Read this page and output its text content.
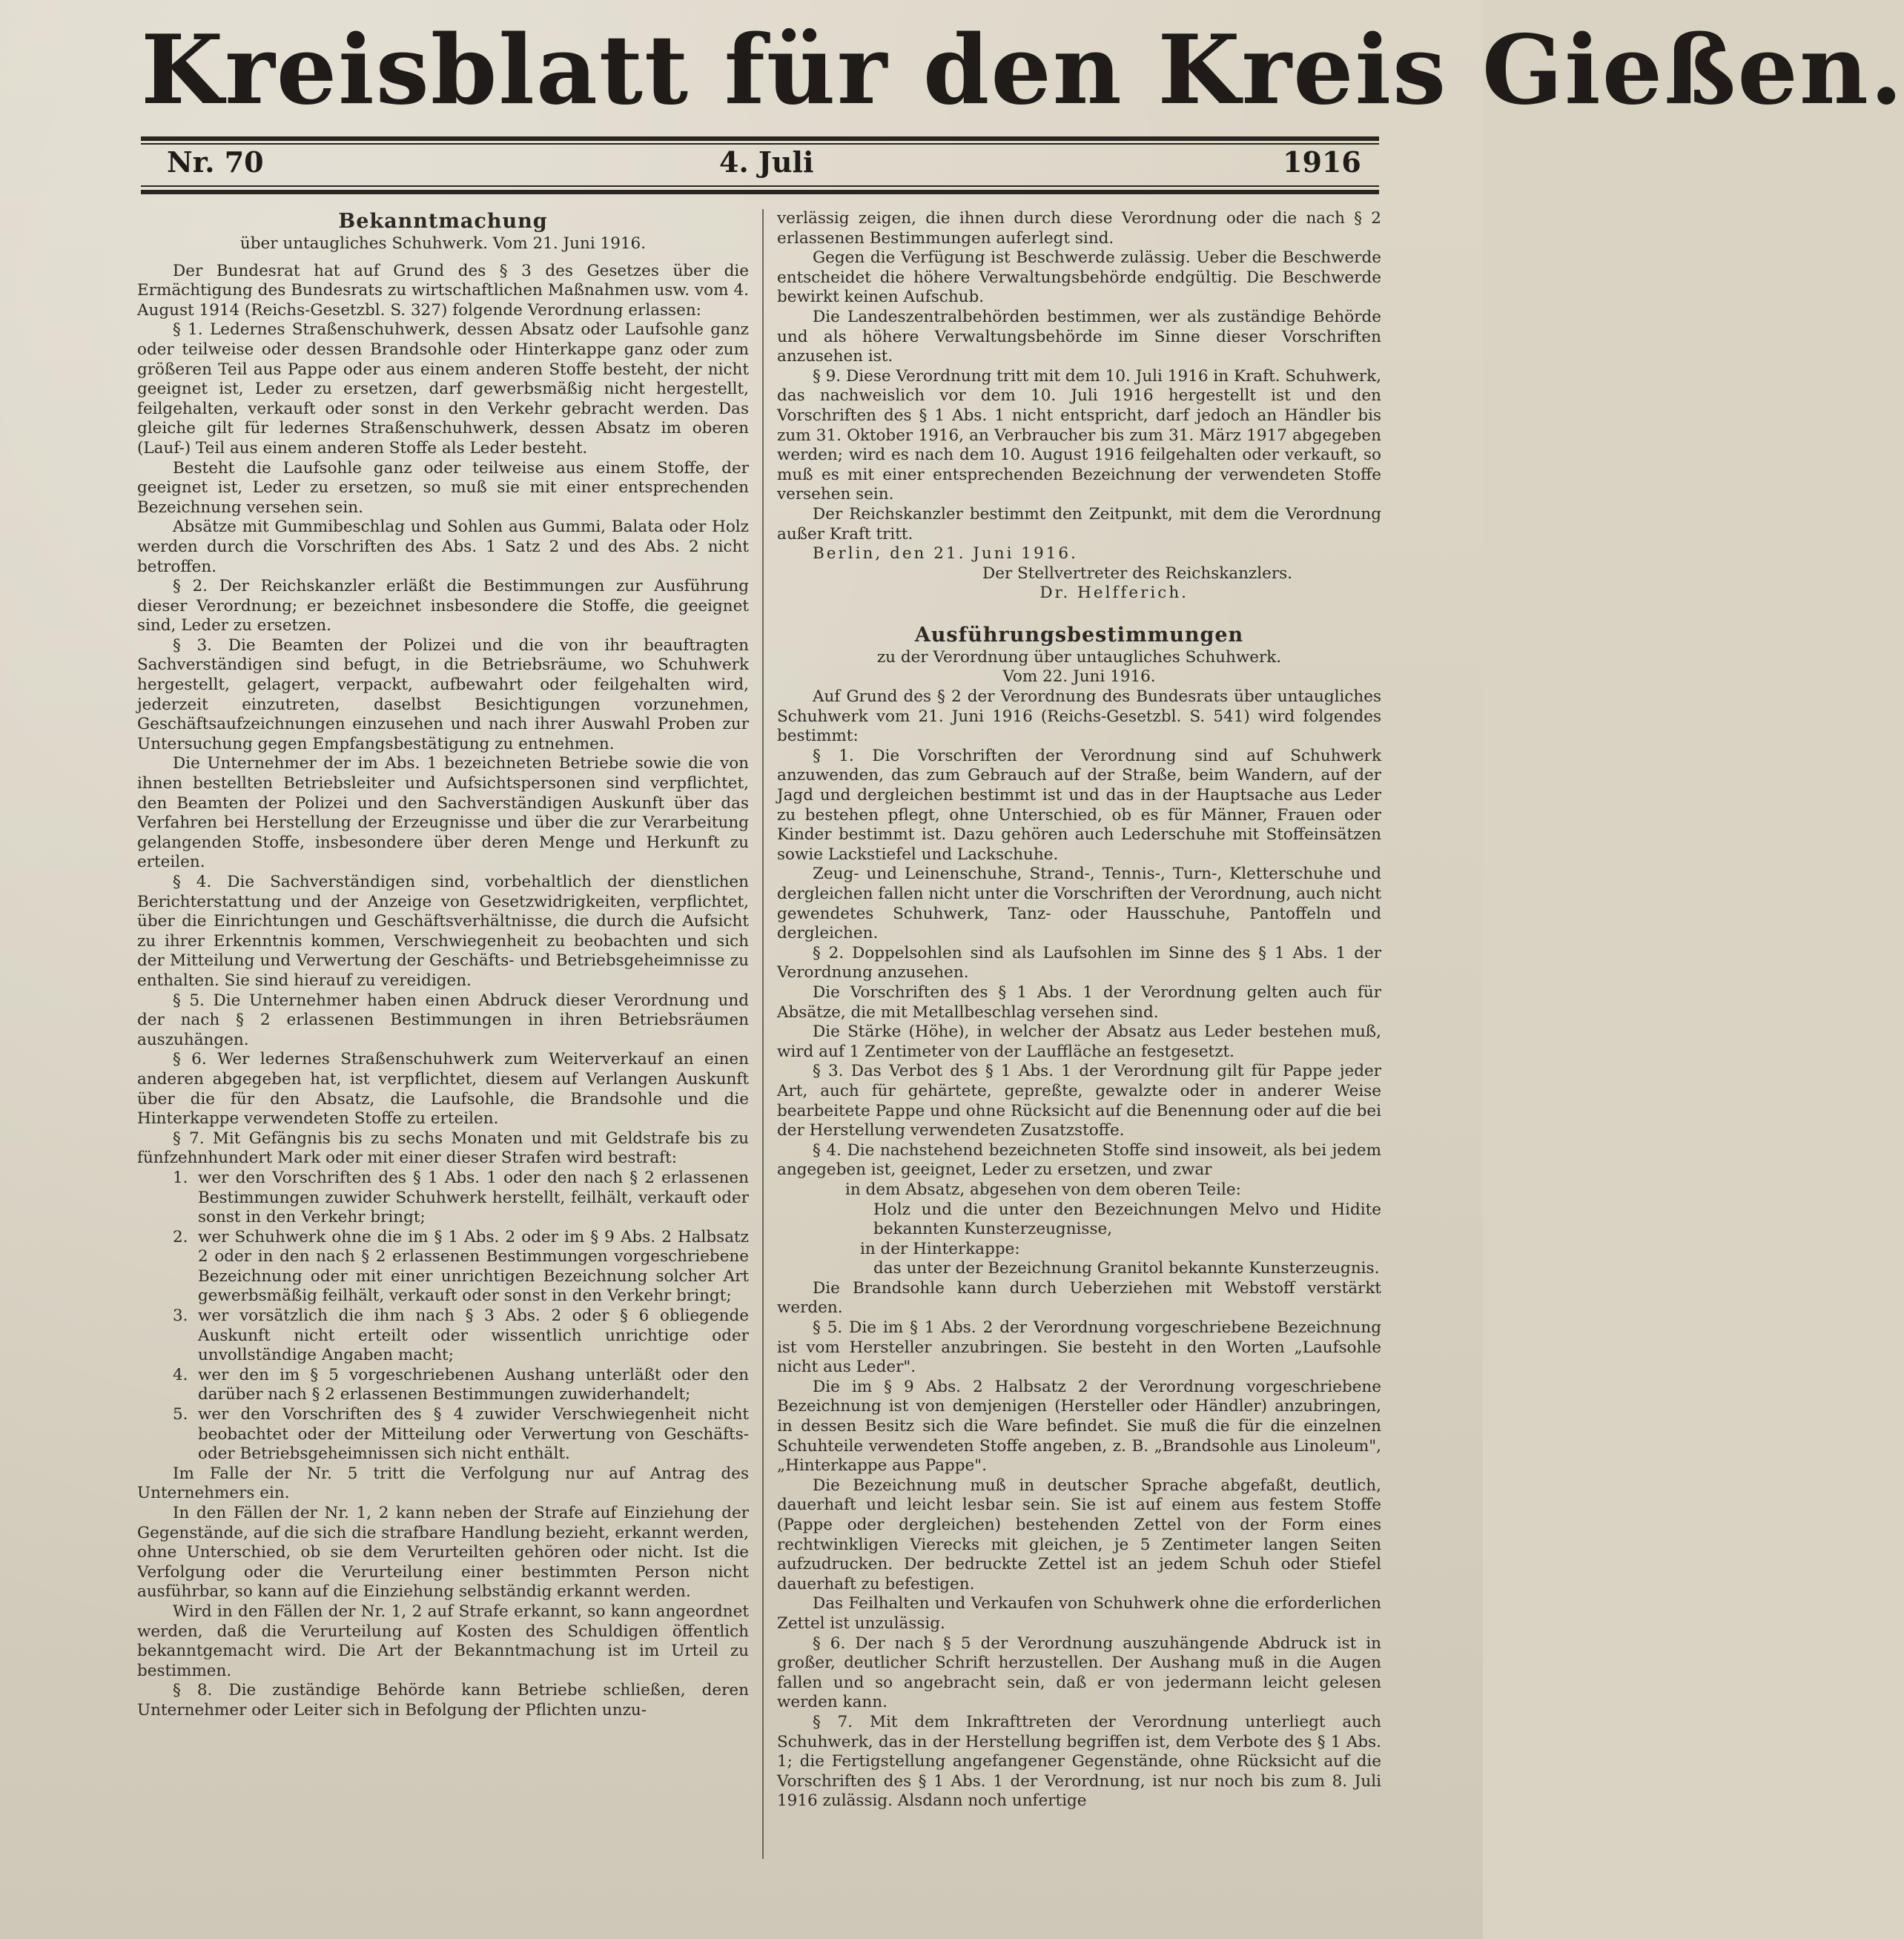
Kreisblatt für den Kreis Gießen.
Nr. 70	4. Juli	1916

Bekanntmachung

über untaugliches Schuhwerk. Vom 21. Juni 1916.

Der Bundesrat hat auf Grund des § 3 des Gesetzes über die Ermächtigung des Bundesrats zu wirtschaftlichen Maßnahmen usw. vom 4. August 1914 (Reichs-Gesetzbl. S. 327) folgende Verordnung erlassen:

§ 1. Ledernes Straßenschuhwerk, dessen Absatz oder Laufsohle ganz oder teilweise oder dessen Brandsohle oder Hinterkappe ganz oder zum größeren Teil aus Pappe oder aus einem anderen Stoffe besteht, der nicht geeignet ist, Leder zu ersetzen, darf gewerbsmäßig nicht hergestellt, feilgehalten, verkauft oder sonst in den Verkehr gebracht werden. Das gleiche gilt für ledernes Straßenschuhwerk, dessen Absatz im oberen (Lauf-) Teil aus einem anderen Stoffe als Leder besteht.

Besteht die Laufsohle ganz oder teilweise aus einem Stoffe, der geeignet ist, Leder zu ersetzen, so muß sie mit einer entsprechenden Bezeichnung versehen sein.

Absätze mit Gummibeschlag und Sohlen aus Gummi, Balata oder Holz werden durch die Vorschriften des Abs. 1 Satz 2 und des Abs. 2 nicht betroffen.

§ 2. Der Reichskanzler erläßt die Bestimmungen zur Ausführung dieser Verordnung; er bezeichnet insbesondere die Stoffe, die geeignet sind, Leder zu ersetzen.

§ 3. Die Beamten der Polizei und die von ihr beauftragten Sachverständigen sind befugt, in die Betriebsräume, wo Schuhwerk hergestellt, gelagert, verpackt, aufbewahrt oder feilgehalten wird, jederzeit einzutreten, daselbst Besichtigungen vorzunehmen, Geschäftsaufzeichnungen einzusehen und nach ihrer Auswahl Proben zur Untersuchung gegen Empfangsbestätigung zu entnehmen.

Die Unternehmer der im Abs. 1 bezeichneten Betriebe sowie die von ihnen bestellten Betriebsleiter und Aufsichtspersonen sind verpflichtet, den Beamten der Polizei und den Sachverständigen Auskunft über das Verfahren bei Herstellung der Erzeugnisse und über die zur Verarbeitung gelangenden Stoffe, insbesondere über deren Menge und Herkunft zu erteilen.

§ 4. Die Sachverständigen sind, vorbehaltlich der dienstlichen Berichterstattung und der Anzeige von Gesetzwidrigkeiten, verpflichtet, über die Einrichtungen und Geschäftsverhältnisse, die durch die Aufsicht zu ihrer Erkenntnis kommen, Verschwiegenheit zu beobachten und sich der Mitteilung und Verwertung der Geschäfts- und Betriebsgeheimnisse zu enthalten. Sie sind hierauf zu vereidigen.

§ 5. Die Unternehmer haben einen Abdruck dieser Verordnung und der nach § 2 erlassenen Bestimmungen in ihren Betriebsräumen auszuhängen.

§ 6. Wer ledernes Straßenschuhwerk zum Weiterverkauf an einen anderen abgegeben hat, ist verpflichtet, diesem auf Verlangen Auskunft über die für den Absatz, die Laufsohle, die Brandsohle und die Hinterkappe verwendeten Stoffe zu erteilen.

§ 7. Mit Gefängnis bis zu sechs Monaten und mit Geldstrafe bis zu fünfzehnhundert Mark oder mit einer dieser Strafen wird bestraft:

1. wer den Vorschriften des § 1 Abs. 1 oder den nach § 2 erlassenen Bestimmungen zuwider Schuhwerk herstellt, feilhält, verkauft oder sonst in den Verkehr bringt;
2. wer Schuhwerk ohne die im § 1 Abs. 2 oder im § 9 Abs. 2 Halbsatz 2 oder in den nach § 2 erlassenen Bestimmungen vorgeschriebene Bezeichnung oder mit einer unrichtigen Bezeichnung solcher Art gewerbsmäßig feilhält, verkauft oder sonst in den Verkehr bringt;
3. wer vorsätzlich die ihm nach § 3 Abs. 2 oder § 6 obliegende Auskunft nicht erteilt oder wissentlich unrichtige oder unvollständige Angaben macht;
4. wer den im § 5 vorgeschriebenen Aushang unterläßt oder den darüber nach § 2 erlassenen Bestimmungen zuwiderhandelt;
5. wer den Vorschriften des § 4 zuwider Verschwiegenheit nicht beobachtet oder der Mitteilung oder Verwertung von Geschäfts- oder Betriebsgeheimnissen sich nicht enthält.

Im Falle der Nr. 5 tritt die Verfolgung nur auf Antrag des Unternehmers ein.

In den Fällen der Nr. 1, 2 kann neben der Strafe auf Einziehung der Gegenstände, auf die sich die strafbare Handlung bezieht, erkannt werden, ohne Unterschied, ob sie dem Verurteilten gehören oder nicht. Ist die Verfolgung oder die Verurteilung einer bestimmten Person nicht ausführbar, so kann auf die Einziehung selbständig erkannt werden.

Wird in den Fällen der Nr. 1, 2 auf Strafe erkannt, so kann angeordnet werden, daß die Verurteilung auf Kosten des Schuldigen öffentlich bekanntgemacht wird. Die Art der Bekanntmachung ist im Urteil zu bestimmen.

§ 8. Die zuständige Behörde kann Betriebe schließen, deren Unternehmer oder Leiter sich in Befolgung der Pflichten unzu-

verlässig zeigen, die ihnen durch diese Verordnung oder die nach § 2 erlassenen Bestimmungen auferlegt sind.

Gegen die Verfügung ist Beschwerde zulässig. Ueber die Beschwerde entscheidet die höhere Verwaltungsbehörde endgültig. Die Beschwerde bewirkt keinen Aufschub.

Die Landeszentralbehörden bestimmen, wer als zuständige Behörde und als höhere Verwaltungsbehörde im Sinne dieser Vorschriften anzusehen ist.

§ 9. Diese Verordnung tritt mit dem 10. Juli 1916 in Kraft. Schuhwerk, das nachweislich vor dem 10. Juli 1916 hergestellt ist und den Vorschriften des § 1 Abs. 1 nicht entspricht, darf jedoch an Händler bis zum 31. Oktober 1916, an Verbraucher bis zum 31. März 1917 abgegeben werden; wird es nach dem 10. August 1916 feilgehalten oder verkauft, so muß es mit einer entsprechenden Bezeichnung der verwendeten Stoffe versehen sein.

Der Reichskanzler bestimmt den Zeitpunkt, mit dem die Verordnung außer Kraft tritt.

Berlin, den 21. Juni 1916.

Der Stellvertreter des Reichskanzlers.

Dr. Helfferich.

Ausführungsbestimmungen

zu der Verordnung über untaugliches Schuhwerk.

Vom 22. Juni 1916.

Auf Grund des § 2 der Verordnung des Bundesrats über untaugliches Schuhwerk vom 21. Juni 1916 (Reichs-Gesetzbl. S. 541) wird folgendes bestimmt:

§ 1. Die Vorschriften der Verordnung sind auf Schuhwerk anzuwenden, das zum Gebrauch auf der Straße, beim Wandern, auf der Jagd und dergleichen bestimmt ist und das in der Hauptsache aus Leder zu bestehen pflegt, ohne Unterschied, ob es für Männer, Frauen oder Kinder bestimmt ist. Dazu gehören auch Lederschuhe mit Stoffeinsätzen sowie Lackstiefel und Lackschuhe.

Zeug- und Leinenschuhe, Strand-, Tennis-, Turn-, Kletterschuhe und dergleichen fallen nicht unter die Vorschriften der Verordnung, auch nicht gewendetes Schuhwerk, Tanz- oder Hausschuhe, Pantoffeln und dergleichen.

§ 2. Doppelsohlen sind als Laufsohlen im Sinne des § 1 Abs. 1 der Verordnung anzusehen.

Die Vorschriften des § 1 Abs. 1 der Verordnung gelten auch für Absätze, die mit Metallbeschlag versehen sind.

Die Stärke (Höhe), in welcher der Absatz aus Leder bestehen muß, wird auf 1 Zentimeter von der Lauffläche an festgesetzt.

§ 3. Das Verbot des § 1 Abs. 1 der Verordnung gilt für Pappe jeder Art, auch für gehärtete, gepreßte, gewalzte oder in anderer Weise bearbeitete Pappe und ohne Rücksicht auf die Benennung oder auf die bei der Herstellung verwendeten Zusatzstoffe.

§ 4. Die nachstehend bezeichneten Stoffe sind insoweit, als bei jedem angegeben ist, geeignet, Leder zu ersetzen, und zwar

in dem Absatz, abgesehen von dem oberen Teile:

Holz und die unter den Bezeichnungen Melvo und Hidite bekannten Kunsterzeugnisse,

in der Hinterkappe:

das unter der Bezeichnung Granitol bekannte Kunsterzeugnis.

Die Brandsohle kann durch Ueberziehen mit Webstoff verstärkt werden.

§ 5. Die im § 1 Abs. 2 der Verordnung vorgeschriebene Bezeichnung ist vom Hersteller anzubringen. Sie besteht in den Worten „Laufsohle nicht aus Leder".

Die im § 9 Abs. 2 Halbsatz 2 der Verordnung vorgeschriebene Bezeichnung ist von demjenigen (Hersteller oder Händler) anzubringen, in dessen Besitz sich die Ware befindet. Sie muß die für die einzelnen Schuhteile verwendeten Stoffe angeben, z. B. „Brandsohle aus Linoleum", „Hinterkappe aus Pappe".

Die Bezeichnung muß in deutscher Sprache abgefaßt, deutlich, dauerhaft und leicht lesbar sein. Sie ist auf einem aus festem Stoffe (Pappe oder dergleichen) bestehenden Zettel von der Form eines rechtwinkligen Vierecks mit gleichen, je 5 Zentimeter langen Seiten aufzudrucken. Der bedruckte Zettel ist an jedem Schuh oder Stiefel dauerhaft zu befestigen.

Das Feilhalten und Verkaufen von Schuhwerk ohne die erforderlichen Zettel ist unzulässig.

§ 6. Der nach § 5 der Verordnung auszuhängende Abdruck ist in großer, deutlicher Schrift herzustellen. Der Aushang muß in die Augen fallen und so angebracht sein, daß er von jedermann leicht gelesen werden kann.

§ 7. Mit dem Inkrafttreten der Verordnung unterliegt auch Schuhwerk, das in der Herstellung begriffen ist, dem Verbote des § 1 Abs. 1; die Fertigstellung angefangener Gegenstände, ohne Rücksicht auf die Vorschriften des § 1 Abs. 1 der Verordnung, ist nur noch bis zum 8. Juli 1916 zulässig. Alsdann noch unfertige
